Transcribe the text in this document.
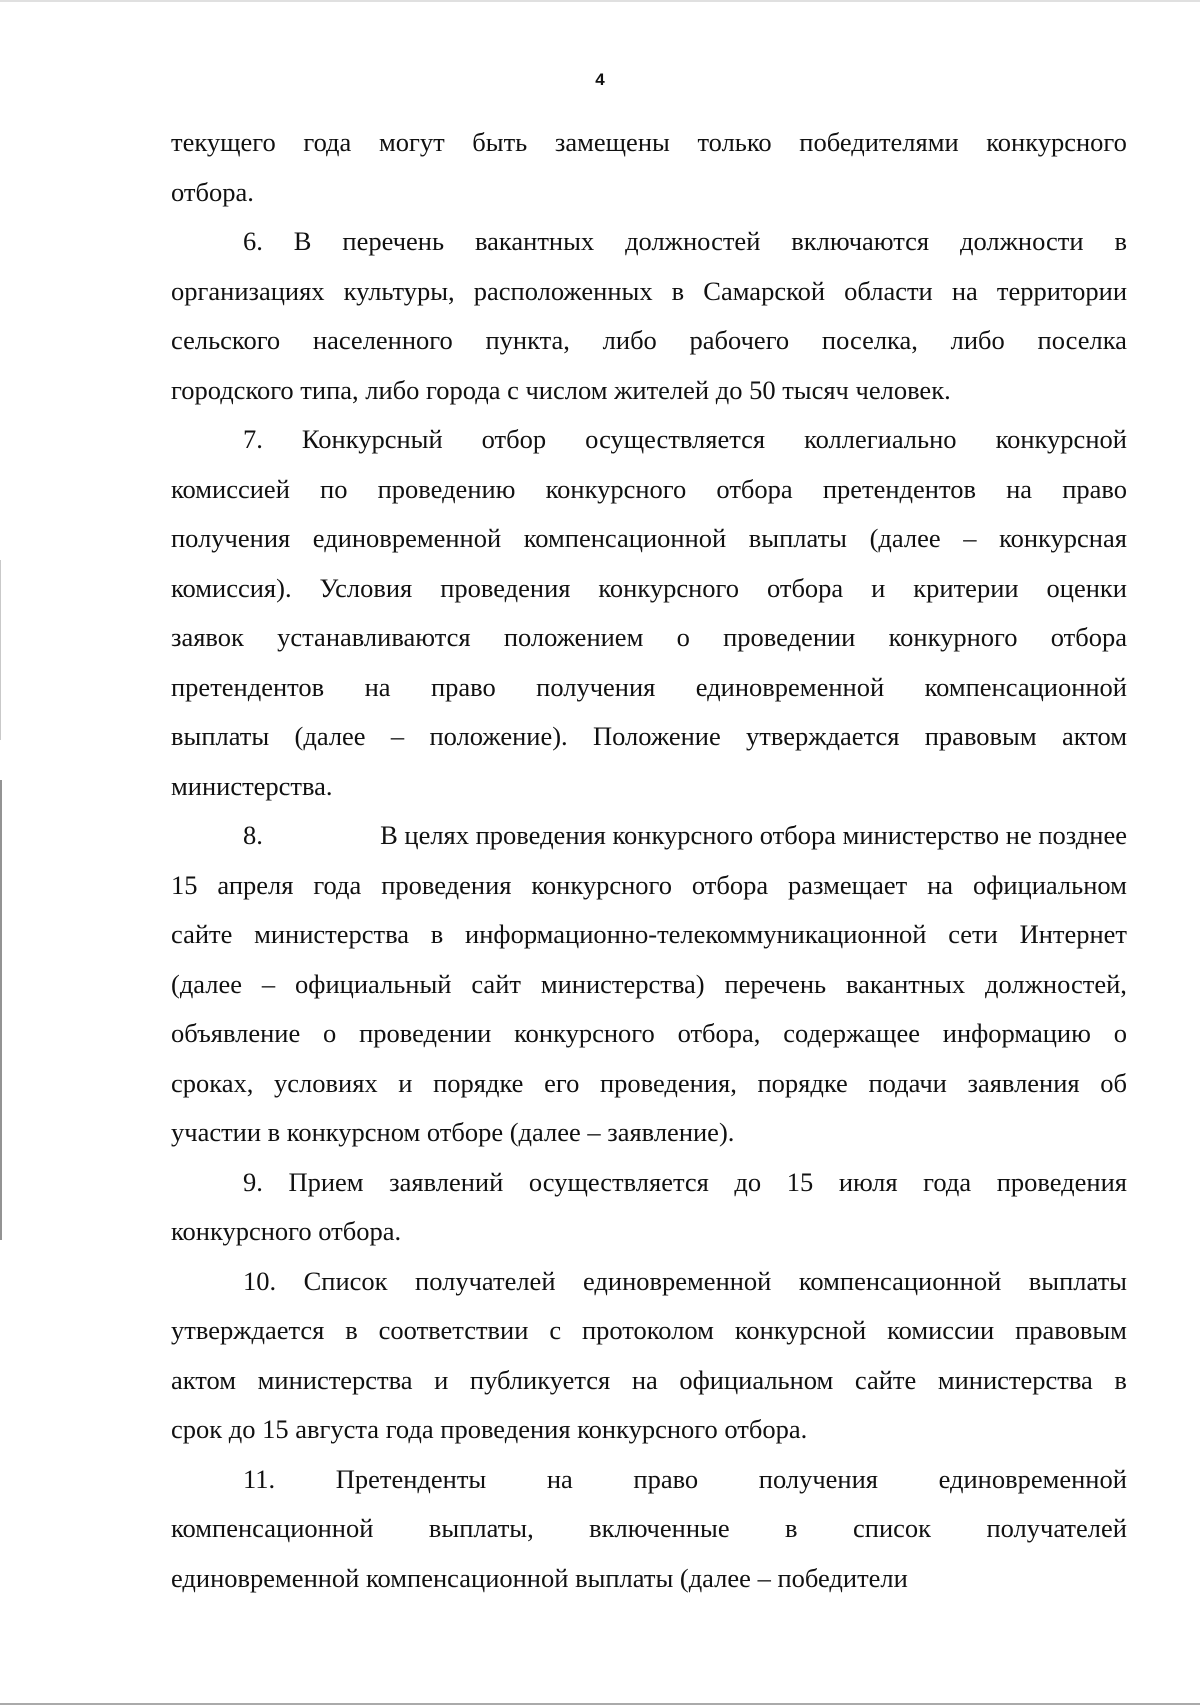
4
текущего года могут быть замещены только победителями конкурсного
отбора.
6. В перечень вакантных должностей включаются должности в
организациях культуры, расположенных в Самарской области на территории
сельского населенного пункта, либо рабочего поселка, либо поселка
городского типа, либо города с числом жителей до 50 тысяч человек.
7. Конкурсный отбор осуществляется коллегиально конкурсной
комиссией по проведению конкурсного отбора претендентов на право
получения единовременной компенсационной выплаты (далее – конкурсная
комиссия). Условия проведения конкурсного отбора и критерии оценки
заявок устанавливаются положением о проведении конкурного отбора
претендентов на право получения единовременной компенсационной
выплаты (далее – положение). Положение утверждается правовым актом
министерства.
8.	В целях проведения конкурсного отбора министерство не позднее
15 апреля года проведения конкурсного отбора размещает на официальном
сайте министерства в информационно-телекоммуникационной сети Интернет
(далее – официальный сайт министерства) перечень вакантных должностей,
объявление о проведении конкурсного отбора, содержащее информацию о
сроках, условиях и порядке его проведения, порядке подачи заявления об
участии в конкурсном отборе (далее – заявление).
9. Прием заявлений осуществляется до 15 июля года проведения
конкурсного отбора.
10. Список получателей единовременной компенсационной выплаты
утверждается в соответствии с протоколом конкурсной комиссии правовым
актом министерства и публикуется на официальном сайте министерства в
срок до 15 августа года проведения конкурсного отбора.
11. Претенденты на право получения единовременной
компенсационной выплаты, включенные в список получателей
единовременной компенсационной выплаты (далее – победители
